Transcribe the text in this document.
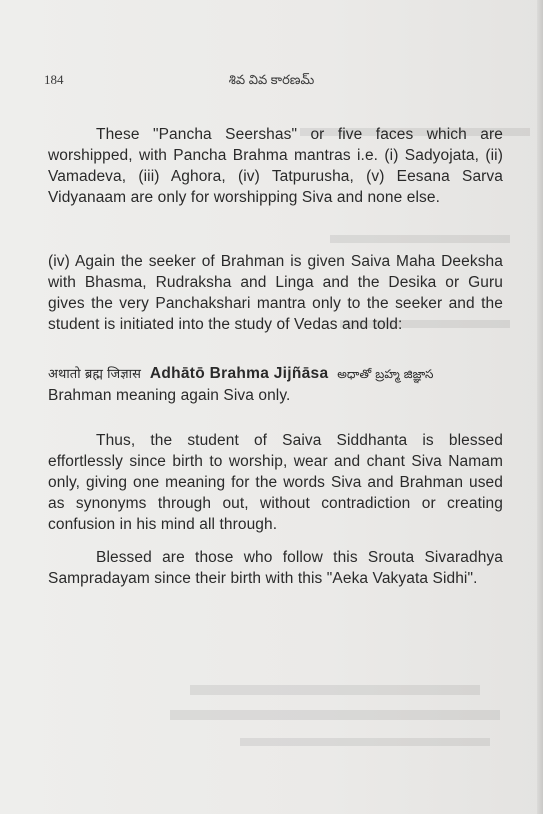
184	శివ వివ కారణమ్

These "Pancha Seershas" or five faces which are worshipped, with Pancha Brahma mantras i.e. (i) Sadyojata, (ii) Vamadeva, (iii) Aghora, (iv) Tatpurusha, (v) Eesana Sarva Vidyanaam are only for worshipping Siva and none else.

(iv) Again the seeker of Brahman is given Saiva Maha Deeksha with Bhasma, Rudraksha and Linga and the Desika or Guru gives the very Panchakshari mantra only to the seeker and the student is initiated into the study of Vedas and told:

अथातो ब्रह्म जिज्ञास Adhātō Brahma Jijñāsa అధాతో బ్రహ్మ జిజ్ఞాస
Brahman meaning again Siva only.

Thus, the student of Saiva Siddhanta is blessed effortlessly since birth to worship, wear and chant Siva Namam only, giving one meaning for the words Siva and Brahman used as synonyms through out, without contradiction or creating confusion in his mind all through.

Blessed are those who follow this Srouta Sivaradhya Sampradayam since their birth with this "Aeka Vakyata Sidhi".
